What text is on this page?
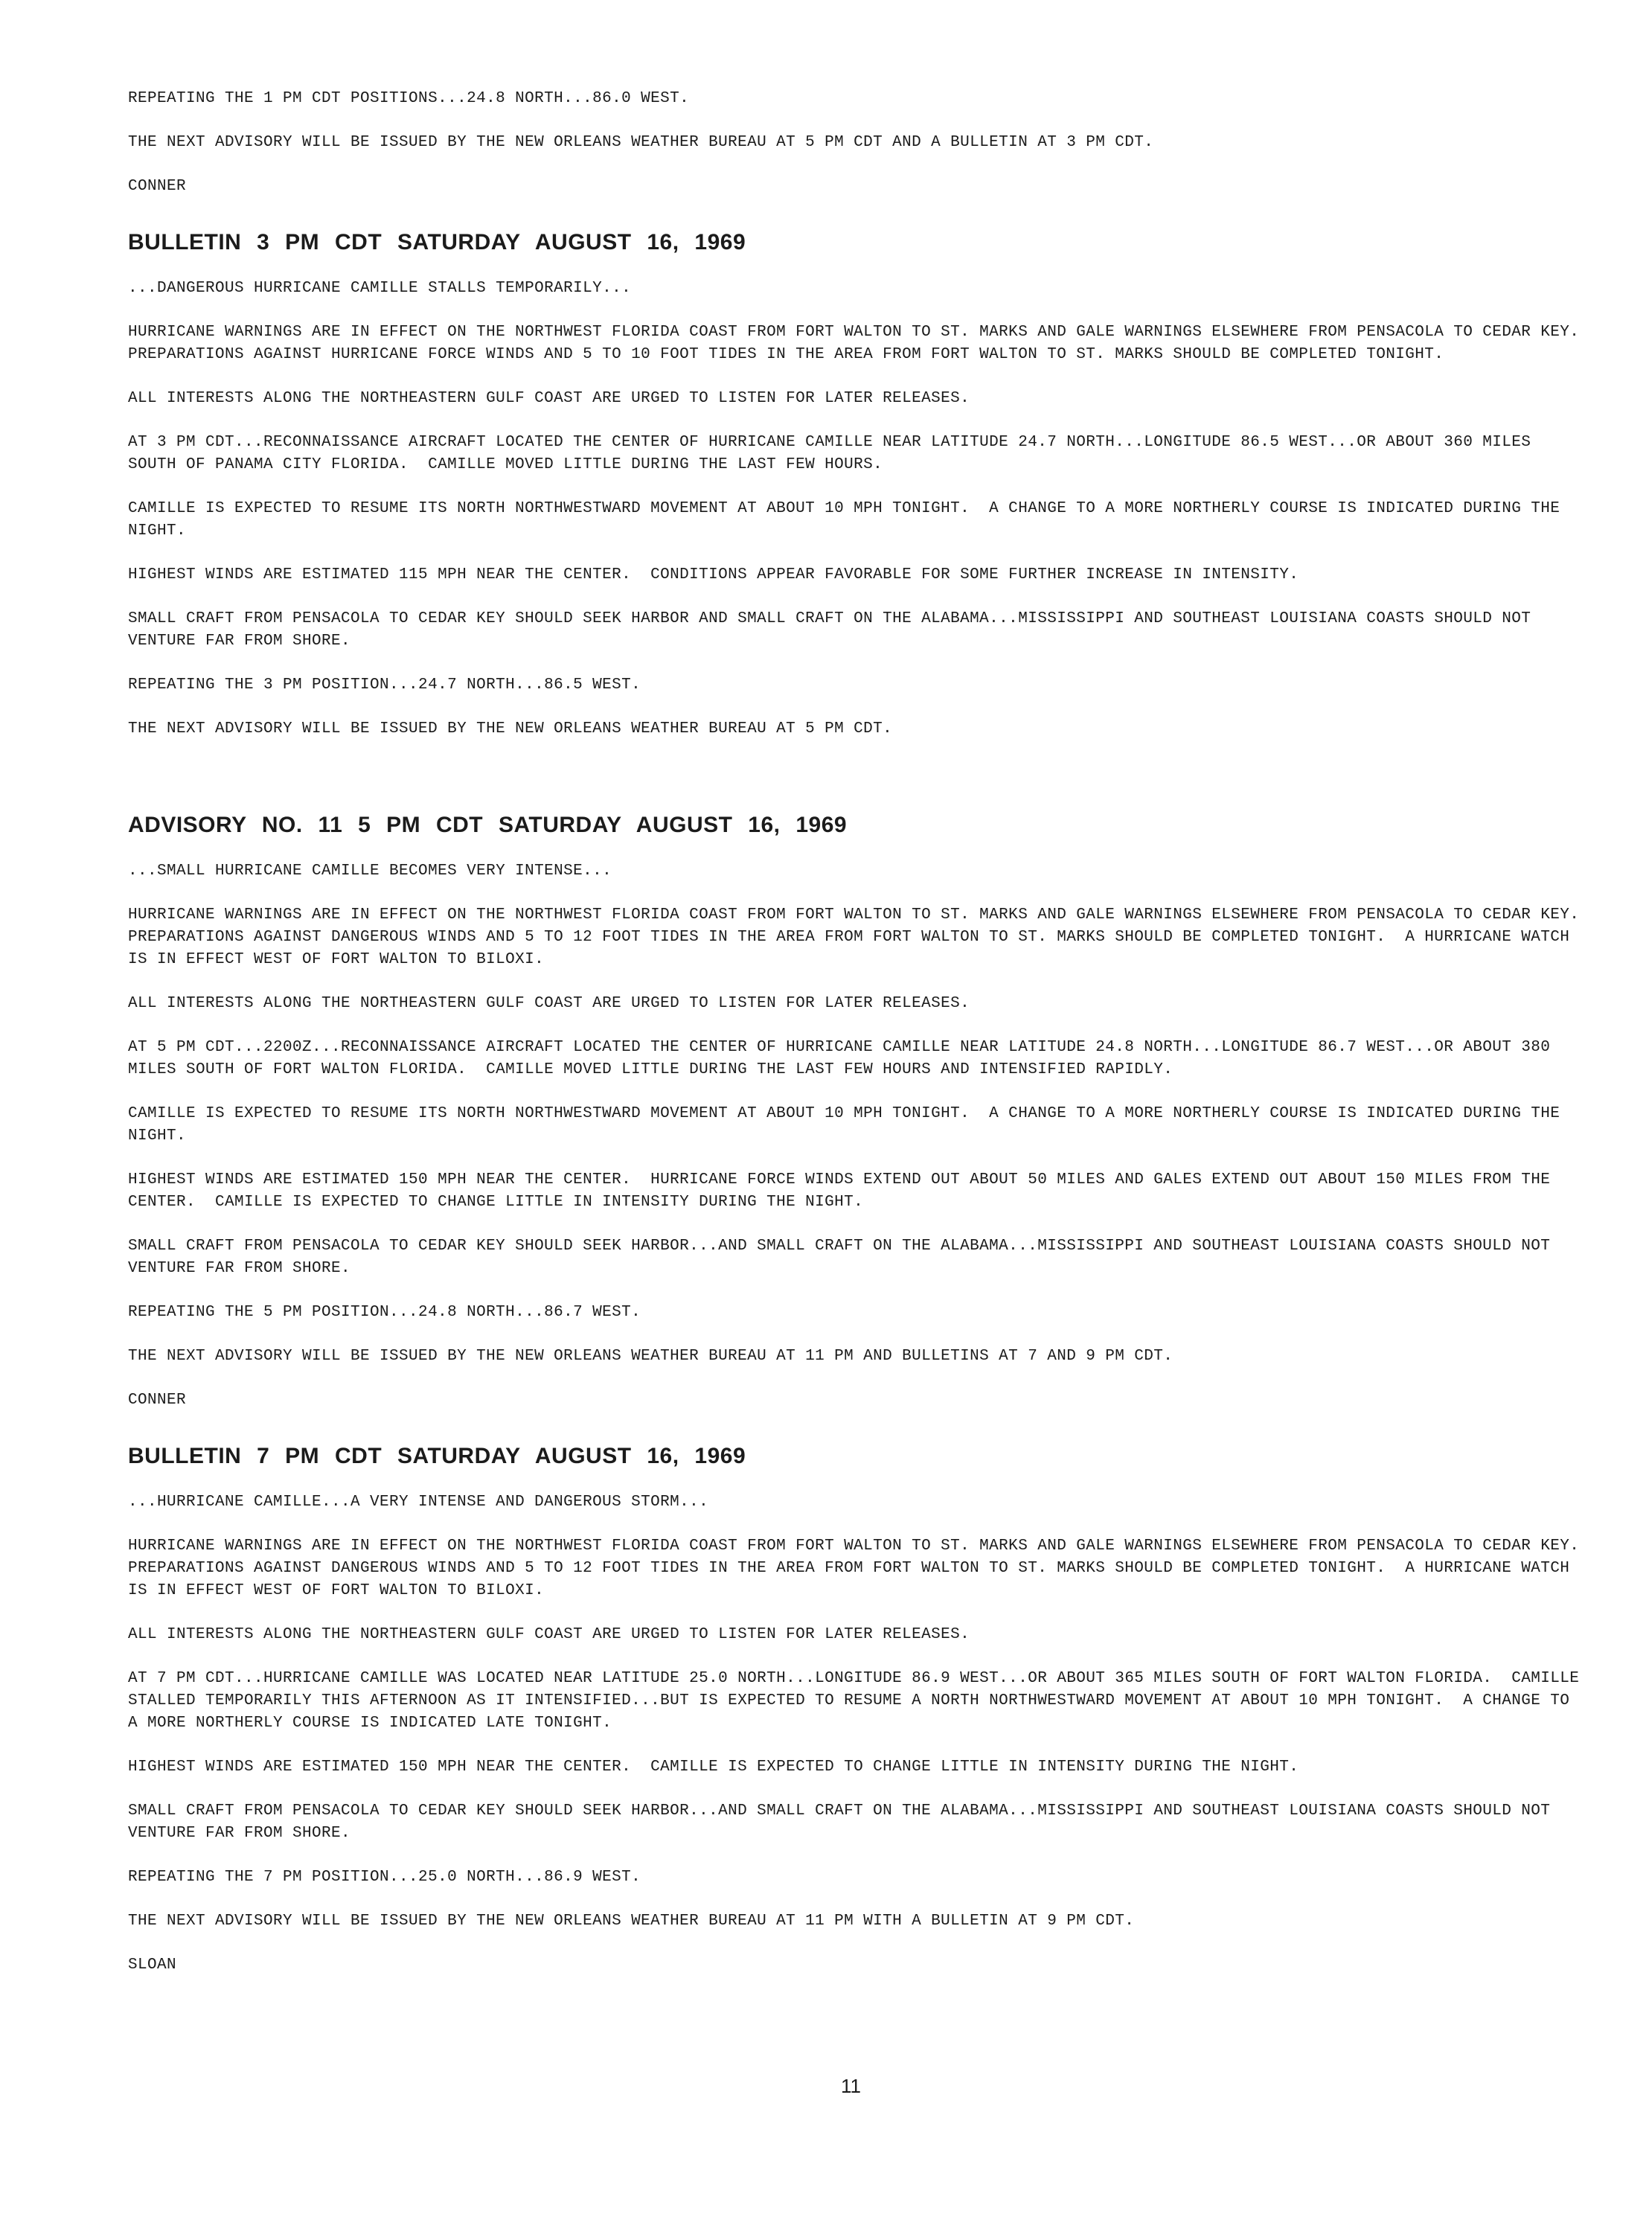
REPEATING THE 1 PM CDT POSITIONS...24.8 NORTH...86.0 WEST.

THE NEXT ADVISORY WILL BE ISSUED BY THE NEW ORLEANS WEATHER BUREAU AT 5 PM CDT AND A BULLETIN AT 3 PM CDT.

CONNER

BULLETIN 3 PM CDT SATURDAY AUGUST 16, 1969

...DANGEROUS HURRICANE CAMILLE STALLS TEMPORARILY...

HURRICANE WARNINGS ARE IN EFFECT ON THE NORTHWEST FLORIDA COAST FROM FORT WALTON TO ST. MARKS AND GALE WARNINGS ELSEWHERE FROM PENSACOLA TO CEDAR KEY.  PREPARATIONS AGAINST HURRICANE FORCE WINDS AND 5 TO 10 FOOT TIDES IN THE AREA FROM FORT WALTON TO ST. MARKS SHOULD BE COMPLETED TONIGHT.

ALL INTERESTS ALONG THE NORTHEASTERN GULF COAST ARE URGED TO LISTEN FOR LATER RELEASES.

AT 3 PM CDT...RECONNAISSANCE AIRCRAFT LOCATED THE CENTER OF HURRICANE CAMILLE NEAR LATITUDE 24.7 NORTH...LONGITUDE 86.5 WEST...OR ABOUT 360 MILES SOUTH OF PANAMA CITY FLORIDA.  CAMILLE MOVED LITTLE DURING THE LAST FEW HOURS.

CAMILLE IS EXPECTED TO RESUME ITS NORTH NORTHWESTWARD MOVEMENT AT ABOUT 10 MPH TONIGHT.  A CHANGE TO A MORE NORTHERLY COURSE IS INDICATED DURING THE NIGHT.

HIGHEST WINDS ARE ESTIMATED 115 MPH NEAR THE CENTER.  CONDITIONS APPEAR FAVORABLE FOR SOME FURTHER INCREASE IN INTENSITY.

SMALL CRAFT FROM PENSACOLA TO CEDAR KEY SHOULD SEEK HARBOR AND SMALL CRAFT ON THE ALABAMA...MISSISSIPPI AND SOUTHEAST LOUISIANA COASTS SHOULD NOT VENTURE FAR FROM SHORE.

REPEATING THE 3 PM POSITION...24.7 NORTH...86.5 WEST.

THE NEXT ADVISORY WILL BE ISSUED BY THE NEW ORLEANS WEATHER BUREAU AT 5 PM CDT.

ADVISORY NO. 11 5 PM CDT SATURDAY AUGUST 16, 1969

...SMALL HURRICANE CAMILLE BECOMES VERY INTENSE...

HURRICANE WARNINGS ARE IN EFFECT ON THE NORTHWEST FLORIDA COAST FROM FORT WALTON TO ST. MARKS AND GALE WARNINGS ELSEWHERE FROM PENSACOLA TO CEDAR KEY.  PREPARATIONS AGAINST DANGEROUS WINDS AND 5 TO 12 FOOT TIDES IN THE AREA FROM FORT WALTON TO ST. MARKS SHOULD BE COMPLETED TONIGHT.  A HURRICANE WATCH IS IN EFFECT WEST OF FORT WALTON TO BILOXI.

ALL INTERESTS ALONG THE NORTHEASTERN GULF COAST ARE URGED TO LISTEN FOR LATER RELEASES.

AT 5 PM CDT...2200Z...RECONNAISSANCE AIRCRAFT LOCATED THE CENTER OF HURRICANE CAMILLE NEAR LATITUDE 24.8 NORTH...LONGITUDE 86.7 WEST...OR ABOUT 380 MILES SOUTH OF FORT WALTON FLORIDA.  CAMILLE MOVED LITTLE DURING THE LAST FEW HOURS AND INTENSIFIED RAPIDLY.

CAMILLE IS EXPECTED TO RESUME ITS NORTH NORTHWESTWARD MOVEMENT AT ABOUT 10 MPH TONIGHT.  A CHANGE TO A MORE NORTHERLY COURSE IS INDICATED DURING THE NIGHT.

HIGHEST WINDS ARE ESTIMATED 150 MPH NEAR THE CENTER.  HURRICANE FORCE WINDS EXTEND OUT ABOUT 50 MILES AND GALES EXTEND OUT ABOUT 150 MILES FROM THE CENTER.  CAMILLE IS EXPECTED TO CHANGE LITTLE IN INTENSITY DURING THE NIGHT.

SMALL CRAFT FROM PENSACOLA TO CEDAR KEY SHOULD SEEK HARBOR...AND SMALL CRAFT ON THE ALABAMA...MISSISSIPPI AND SOUTHEAST LOUISIANA COASTS SHOULD NOT VENTURE FAR FROM SHORE.

REPEATING THE 5 PM POSITION...24.8 NORTH...86.7 WEST.

THE NEXT ADVISORY WILL BE ISSUED BY THE NEW ORLEANS WEATHER BUREAU AT 11 PM AND BULLETINS AT 7 AND 9 PM CDT.

CONNER

BULLETIN 7 PM CDT SATURDAY AUGUST 16, 1969

...HURRICANE CAMILLE...A VERY INTENSE AND DANGEROUS STORM...

HURRICANE WARNINGS ARE IN EFFECT ON THE NORTHWEST FLORIDA COAST FROM FORT WALTON TO ST. MARKS AND GALE WARNINGS ELSEWHERE FROM PENSACOLA TO CEDAR KEY.  PREPARATIONS AGAINST DANGEROUS WINDS AND 5 TO 12 FOOT TIDES IN THE AREA FROM FORT WALTON TO ST. MARKS SHOULD BE COMPLETED TONIGHT.  A HURRICANE WATCH IS IN EFFECT WEST OF FORT WALTON TO BILOXI.

ALL INTERESTS ALONG THE NORTHEASTERN GULF COAST ARE URGED TO LISTEN FOR LATER RELEASES.

AT 7 PM CDT...HURRICANE CAMILLE WAS LOCATED NEAR LATITUDE 25.0 NORTH...LONGITUDE 86.9 WEST...OR ABOUT 365 MILES SOUTH OF FORT WALTON FLORIDA.  CAMILLE STALLED TEMPORARILY THIS AFTERNOON AS IT INTENSIFIED...BUT IS EXPECTED TO RESUME A NORTH NORTHWESTWARD MOVEMENT AT ABOUT 10 MPH TONIGHT.  A CHANGE TO A MORE NORTHERLY COURSE IS INDICATED LATE TONIGHT.

HIGHEST WINDS ARE ESTIMATED 150 MPH NEAR THE CENTER.  CAMILLE IS EXPECTED TO CHANGE LITTLE IN INTENSITY DURING THE NIGHT.

SMALL CRAFT FROM PENSACOLA TO CEDAR KEY SHOULD SEEK HARBOR...AND SMALL CRAFT ON THE ALABAMA...MISSISSIPPI AND SOUTHEAST LOUISIANA COASTS SHOULD NOT VENTURE FAR FROM SHORE.

REPEATING THE 7 PM POSITION...25.0 NORTH...86.9 WEST.

THE NEXT ADVISORY WILL BE ISSUED BY THE NEW ORLEANS WEATHER BUREAU AT 11 PM WITH A BULLETIN AT 9 PM CDT.

SLOAN

11
